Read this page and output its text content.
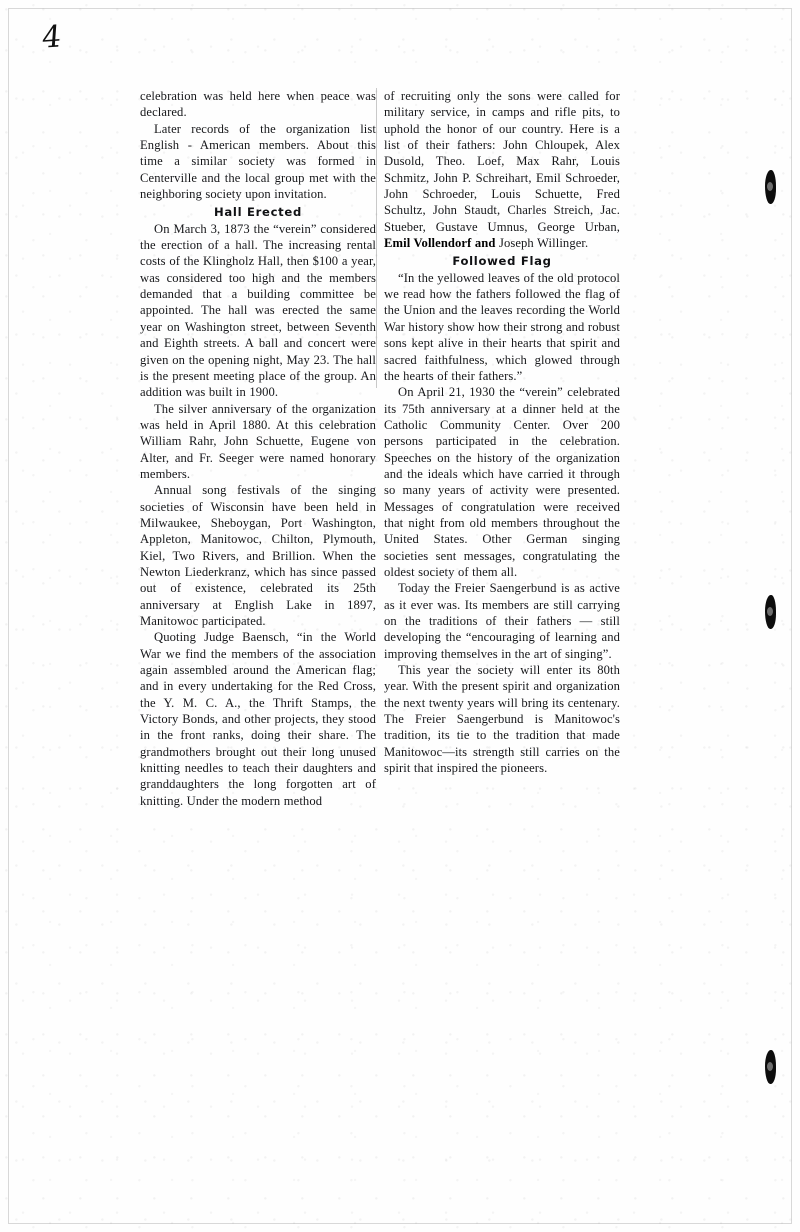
4

celebration was held here when peace was declared.

Later records of the organization list English - American members. About this time a similar society was formed in Centerville and the local group met with the neighboring society upon invitation.

Hall Erected

On March 3, 1873 the “verein” considered the erection of a hall. The increasing rental costs of the Klingholz Hall, then $100 a year, was considered too high and the members demanded that a building committee be appointed. The hall was erected the same year on Washington street, between Seventh and Eighth streets. A ball and concert were given on the opening night, May 23. The hall is the present meeting place of the group. An addition was built in 1900.

The silver anniversary of the organization was held in April 1880. At this celebration William Rahr, John Schuette, Eugene von Alter, and Fr. Seeger were named honorary members.

Annual song festivals of the singing societies of Wisconsin have been held in Milwaukee, Sheboygan, Port Washington, Appleton, Manitowoc, Chilton, Plymouth, Kiel, Two Rivers, and Brillion. When the Newton Liederkranz, which has since passed out of existence, celebrated its 25th anniversary at English Lake in 1897, Manitowoc participated.

Quoting Judge Baensch, “in the World War we find the members of the association again assembled around the American flag; and in every undertaking for the Red Cross, the Y. M. C. A., the Thrift Stamps, the Victory Bonds, and other projects, they stood in the front ranks, doing their share. The grandmothers brought out their long unused knitting needles to teach their daughters and granddaughters the long forgotten art of knitting. Under the modern method

of recruiting only the sons were called for military service, in camps and rifle pits, to uphold the honor of our country. Here is a list of their fathers: John Chloupek, Alex Dusold, Theo. Loef, Max Rahr, Louis Schmitz, John P. Schreihart, Emil Schroeder, John Schroeder, Louis Schuette, Fred Schultz, John Staudt, Charles Streich, Jac. Stueber, Gustave Umnus, George Urban, Emil Vollendorf and Joseph Willinger.

Followed Flag

“In the yellowed leaves of the old protocol we read how the fathers followed the flag of the Union and the leaves recording the World War history show how their strong and robust sons kept alive in their hearts that spirit and sacred faithfulness, which glowed through the hearts of their fathers.”

On April 21, 1930 the “verein” celebrated its 75th anniversary at a dinner held at the Catholic Community Center. Over 200 persons participated in the celebration. Speeches on the history of the organization and the ideals which have carried it through so many years of activity were presented. Messages of congratulation were received that night from old members throughout the United States. Other German singing societies sent messages, congratulating the oldest society of them all.

Today the Freier Saengerbund is as active as it ever was. Its members are still carrying on the traditions of their fathers — still developing the “encouraging of learning and improving themselves in the art of singing”.

This year the society will enter its 80th year. With the present spirit and organization the next twenty years will bring its centenary. The Freier Saengerbund is Manitowoc's tradition, its tie to the tradition that made Manitowoc—its strength still carries on the spirit that inspired the pioneers.
